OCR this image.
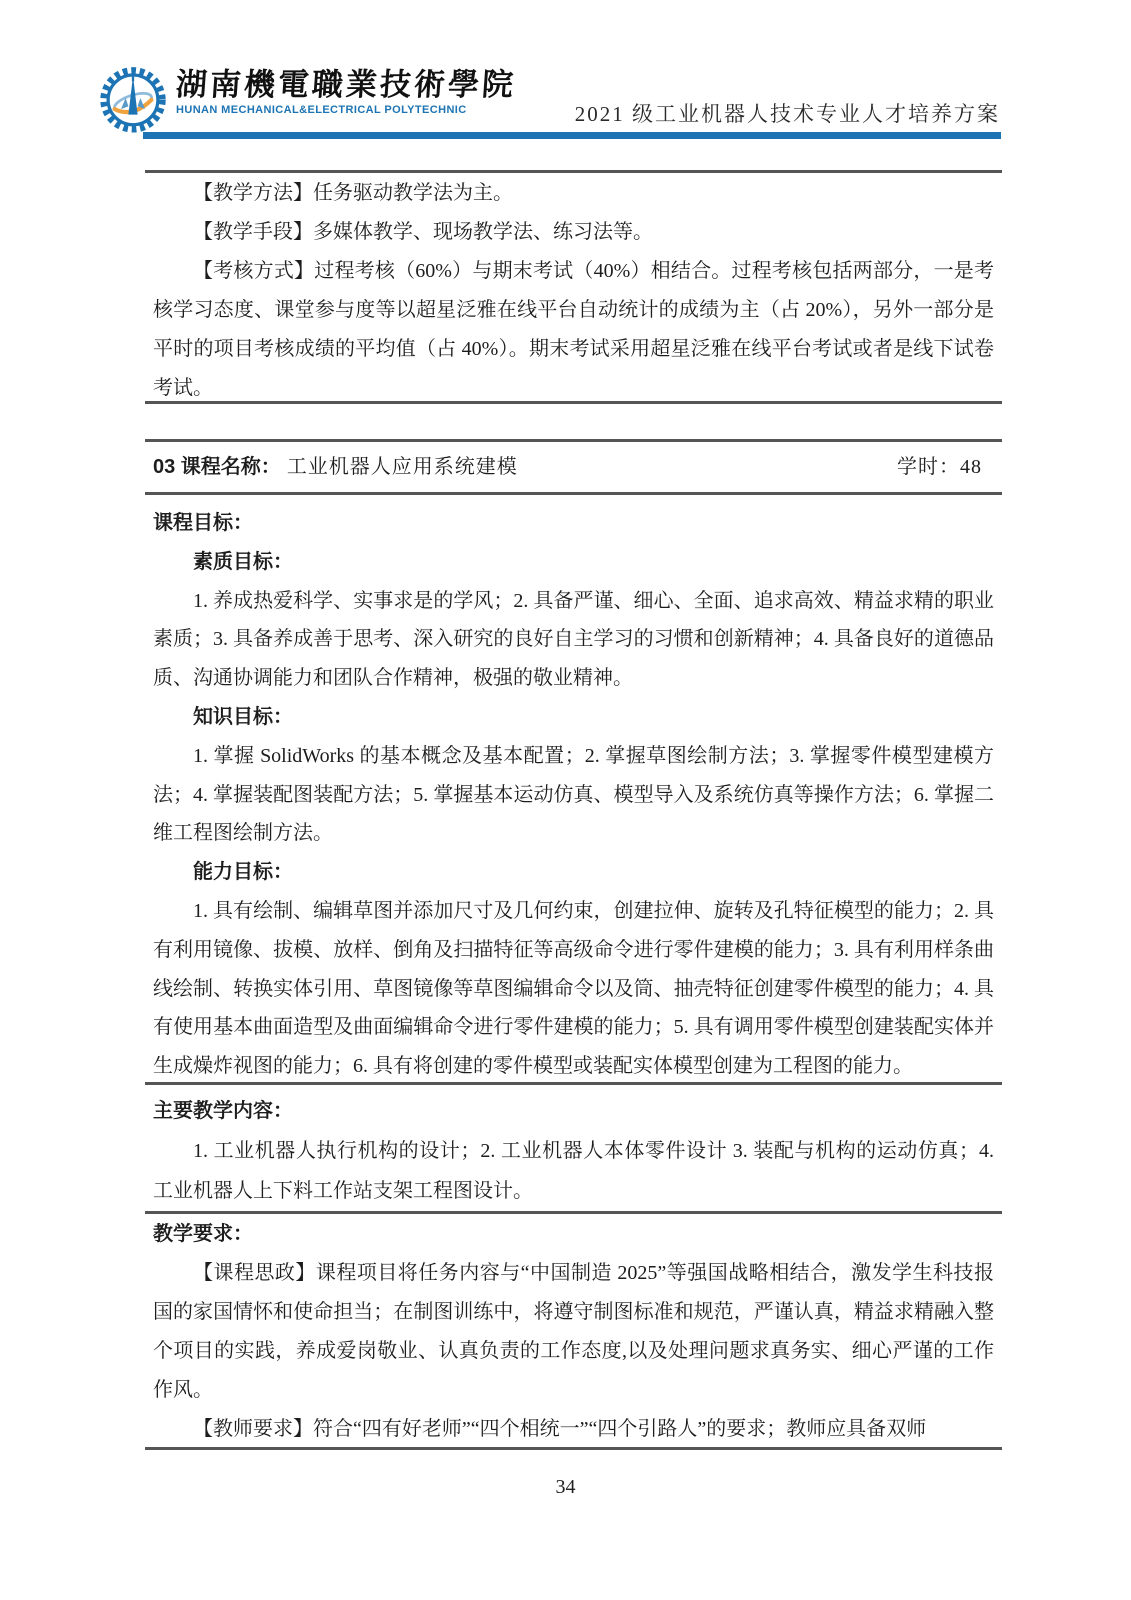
湖南機電職業技術學院
HUNAN MECHANICAL&ELECTRICAL POLYTECHNIC	2021 级工业机器人技术专业人才培养方案

【教学方法】任务驱动教学法为主。

【教学手段】多媒体教学、现场教学法、练习法等。

【考核方式】过程考核（60%）与期末考试（40%）相结合。过程考核包括两部分，一是考核学习态度、课堂参与度等以超星泛雅在线平台自动统计的成绩为主（占 20%），另外一部分是平时的项目考核成绩的平均值（占 40%）。期末考试采用超星泛雅在线平台考试或者是线下试卷考试。

03 课程名称： 工业机器人应用系统建模	学时：48

课程目标：

素质目标：

1. 养成热爱科学、实事求是的学风；2. 具备严谨、细心、全面、追求高效、精益求精的职业素质；3. 具备养成善于思考、深入研究的良好自主学习的习惯和创新精神；4. 具备良好的道德品质、沟通协调能力和团队合作精神，极强的敬业精神。

知识目标：

1. 掌握 SolidWorks 的基本概念及基本配置；2. 掌握草图绘制方法；3. 掌握零件模型建模方法；4. 掌握装配图装配方法；5. 掌握基本运动仿真、模型导入及系统仿真等操作方法；6. 掌握二维工程图绘制方法。

能力目标：

1. 具有绘制、编辑草图并添加尺寸及几何约束，创建拉伸、旋转及孔特征模型的能力；2. 具有利用镜像、拔模、放样、倒角及扫描特征等高级命令进行零件建模的能力；3. 具有利用样条曲线绘制、转换实体引用、草图镜像等草图编辑命令以及筒、抽壳特征创建零件模型的能力；4. 具有使用基本曲面造型及曲面编辑命令进行零件建模的能力；5. 具有调用零件模型创建装配实体并生成燥炸视图的能力；6. 具有将创建的零件模型或装配实体模型创建为工程图的能力。

主要教学内容：

1. 工业机器人执行机构的设计；2. 工业机器人本体零件设计 3. 装配与机构的运动仿真；4. 工业机器人上下料工作站支架工程图设计。

教学要求：

【课程思政】课程项目将任务内容与“中国制造 2025”等强国战略相结合，激发学生科技报国的家国情怀和使命担当；在制图训练中，将遵守制图标准和规范，严谨认真，精益求精融入整个项目的实践，养成爱岗敬业、认真负责的工作态度,以及处理问题求真务实、细心严谨的工作作风。

【教师要求】符合“四有好老师”“四个相统一”“四个引路人”的要求；教师应具备双师

34
